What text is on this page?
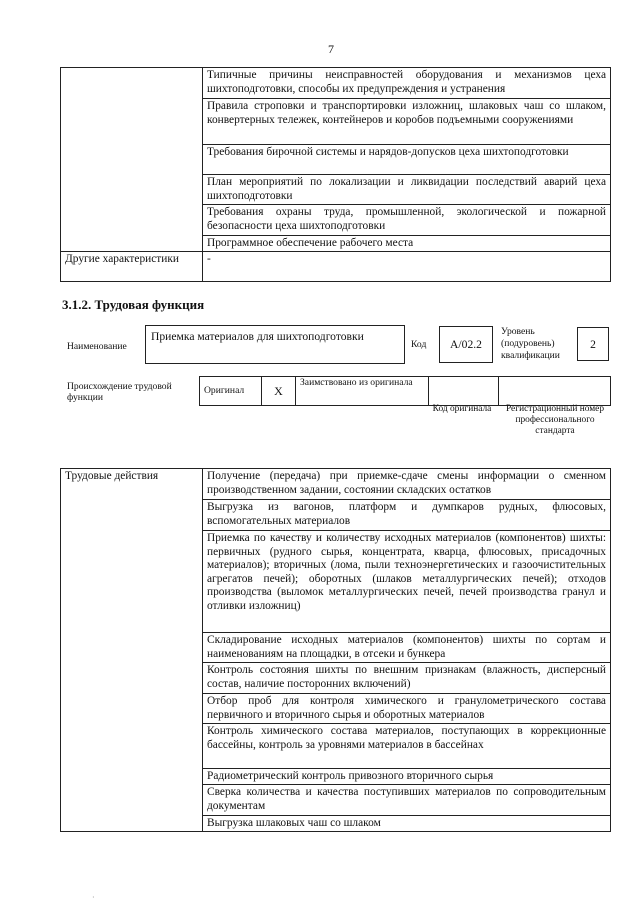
7
	Типичные причины неисправностей оборудования и механизмов цеха шихтоподготовки, способы их предупреждения и устранения
	Правила строповки и транспортировки изложниц, шлаковых чаш со шлаком, конвертерных тележек, контейнеров и коробов подъемными сооружениями
	Требования бирочной системы и нарядов-допусков цеха шихтоподготовки
	План мероприятий по локализации и ликвидации последствий аварий цеха шихтоподготовки
	Требования охраны труда, промышленной, экологической и пожарной безопасности цеха шихтоподготовки
	Программное обеспечение рабочего места
Другие характеристики	-
3.1.2. Трудовая функция
Наименование
Приемка материалов для шихтоподготовки
Код A/02.2
Уровень (подуровень) квалификации
2
Происхождение трудовой функции
Оригинал	X	Заимствовано из оригинала		
Код оригинала	Регистрационный номер профессионального стандарта
Трудовые действия	Получение (передача) при приемке-сдаче смены информации о сменном производственном задании, состоянии складских остатков
Выгрузка из вагонов, платформ и думпкаров рудных, флюсовых, вспомогательных материалов
Приемка по качеству и количеству исходных материалов (компонентов) шихты: первичных (рудного сырья, концентрата, кварца, флюсовых, присадочных материалов); вторичных (лома, пыли техноэнергетических и газоочистительных агрегатов печей); оборотных (шлаков металлургических печей); отходов производства (выломок металлургических печей, печей производства гранул и отливки изложниц)
Складирование исходных материалов (компонентов) шихты по сортам и наименованиям на площадки, в отсеки и бункера
Контроль состояния шихты по внешним признакам (влажность, дисперсный состав, наличие посторонних включений)
Отбор проб для контроля химического и гранулометрического состава первичного и вторичного сырья и оборотных материалов
Контроль химического состава материалов, поступающих в коррекционные бассейны, контроль за уровнями материалов в бассейнах
Радиометрический контроль привозного вторичного сырья
Сверка количества и качества поступивших материалов по сопроводительным документам
Выгрузка шлаковых чаш со шлаком
·
